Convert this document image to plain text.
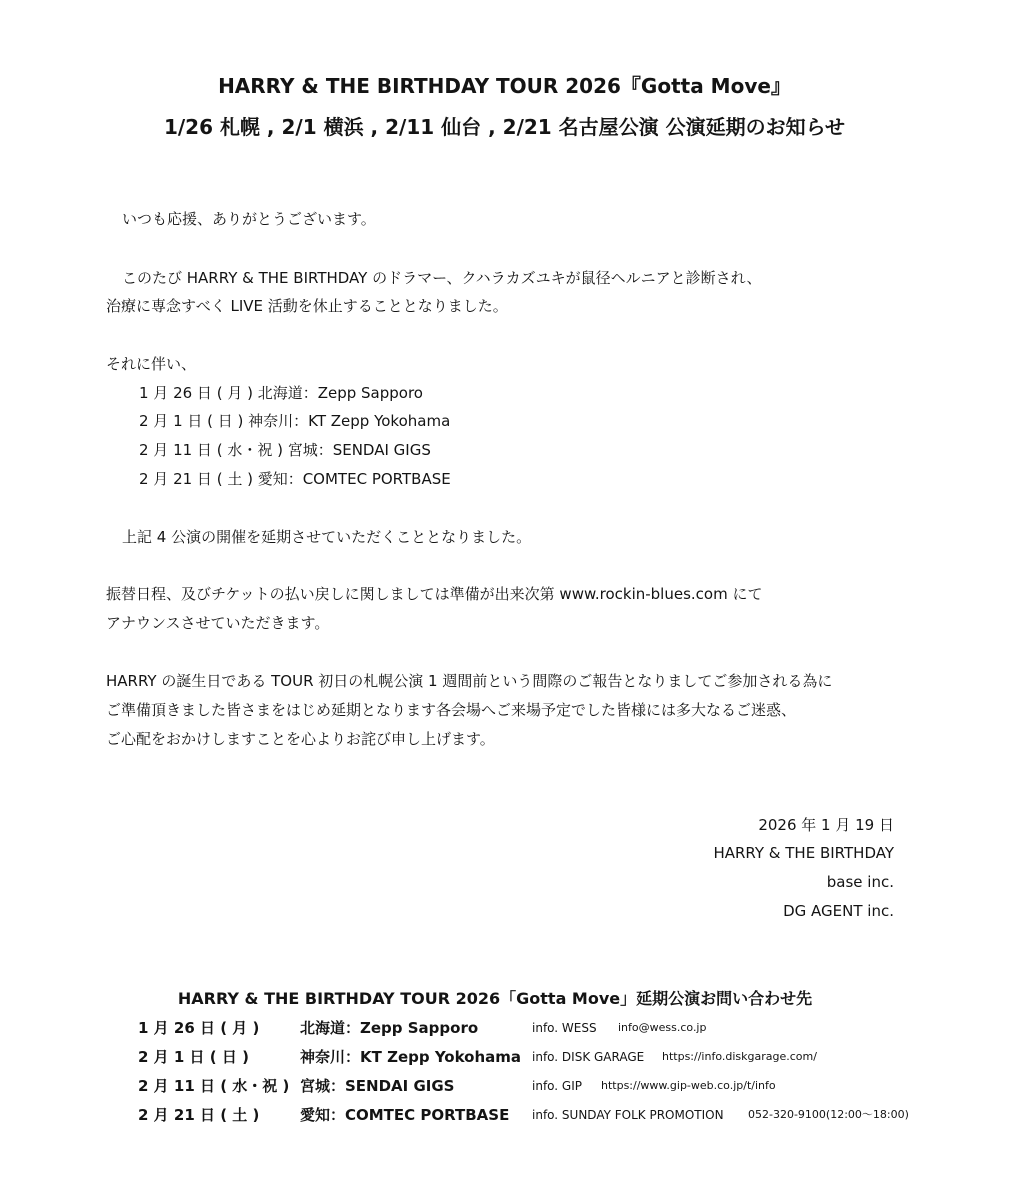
HARRY & THE BIRTHDAY TOUR 2026『Gotta Move』
1/26 札幌 , 2/1 横浜 , 2/11 仙台 , 2/21 名古屋公演 公演延期のお知らせ
いつも応援、ありがとうございます。
このたび HARRY & THE BIRTHDAY のドラマー、クハラカズユキが鼠径ヘルニアと診断され、
治療に専念すべく LIVE 活動を休止することとなりました。
それに伴い、
1 月 26 日 ( 月 ) 北海道：Zepp Sapporo
2 月 1 日 ( 日 ) 神奈川：KT Zepp Yokohama
2 月 11 日 ( 水・祝 ) 宮城：SENDAI GIGS
2 月 21 日 ( 土 ) 愛知：COMTEC PORTBASE
上記 4 公演の開催を延期させていただくこととなりました。
振替日程、及びチケットの払い戻しに関しましては準備が出来次第 www.rockin-blues.com にて
アナウンスさせていただきます。
HARRY の誕生日である TOUR 初日の札幌公演 1 週間前という間際のご報告となりましてご参加される為に
ご準備頂きました皆さまをはじめ延期となります各会場へご来場予定でした皆様には多大なるご迷惑、
ご心配をおかけしますことを心よりお詫び申し上げます。
2026 年 1 月 19 日
HARRY & THE BIRTHDAY
base inc.
DG AGENT inc.
HARRY & THE BIRTHDAY TOUR 2026「Gotta Move」延期公演お問い合わせ先
1 月 26 日 ( 月 )	北海道：Zepp Sapporo	info. WESS info@wess.co.jp
2 月 1 日 ( 日 )	神奈川：KT Zepp Yokohama info. DISK GARAGE https://info.diskgarage.com/
2 月 11 日 ( 水・祝 ) 宮城：SENDAI GIGS	info. GIP https://www.gip-web.co.jp/t/info
2 月 21 日 ( 土 )	愛知：COMTEC PORTBASE info. SUNDAY FOLK PROMOTION 052-320-9100(12:00〜18:00)
